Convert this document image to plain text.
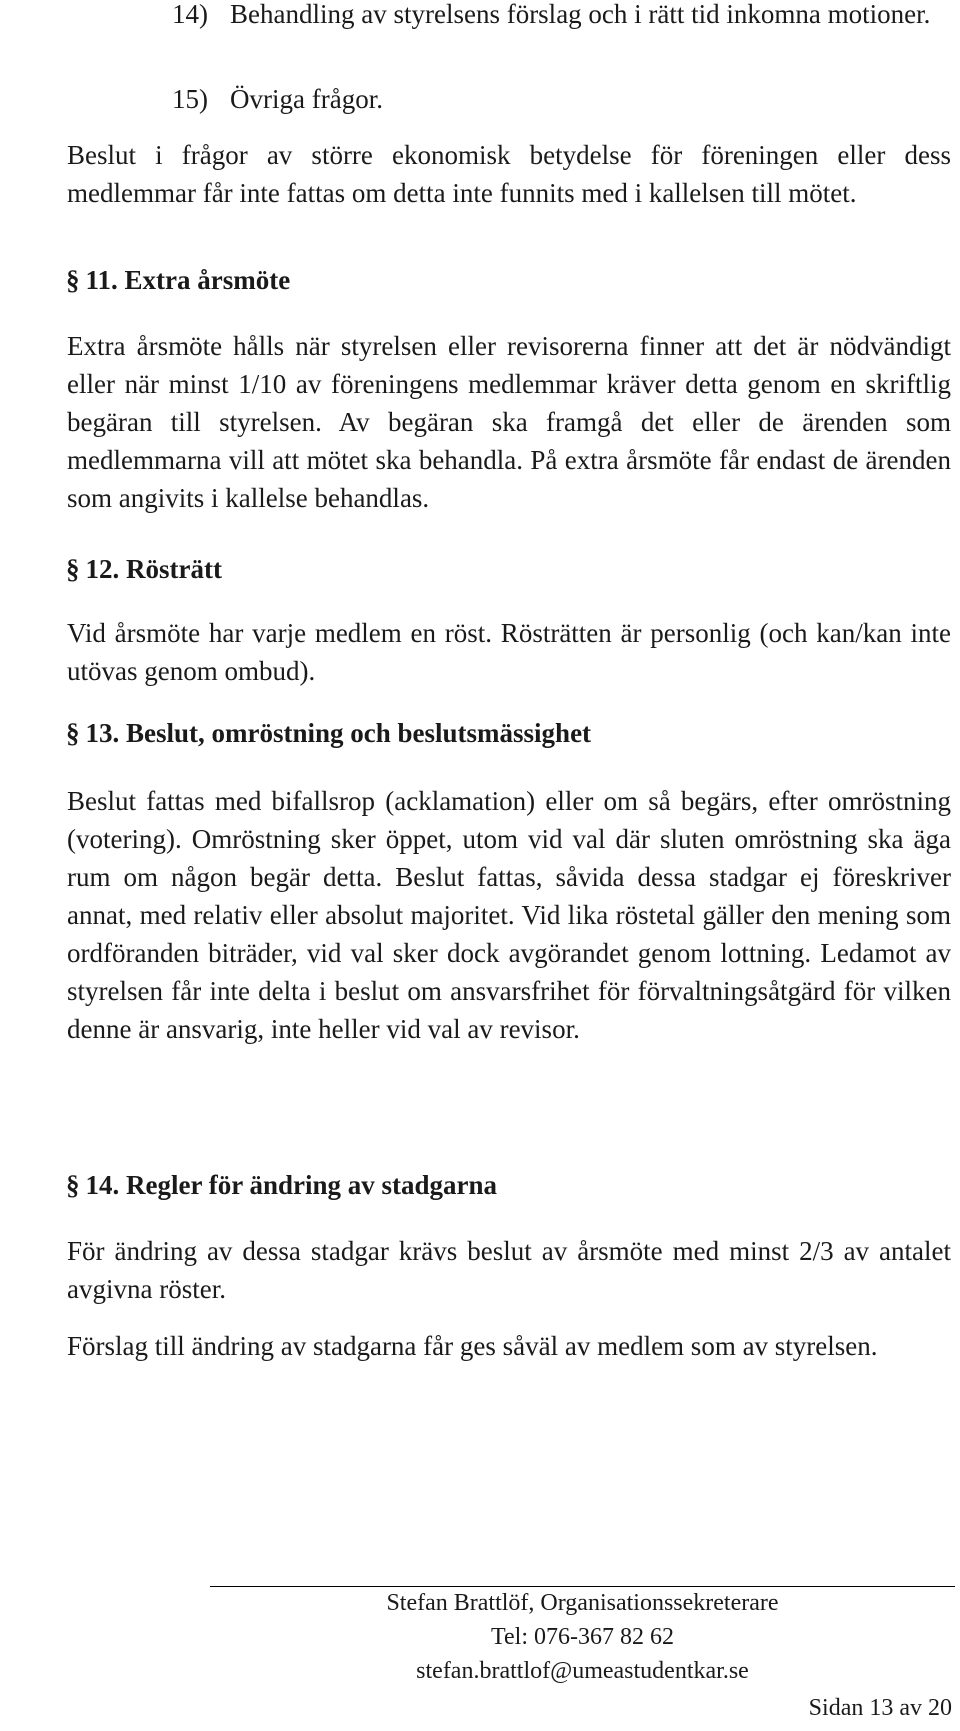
14) Behandling av styrelsens förslag och i rätt tid inkomna motioner.
15) Övriga frågor.

Beslut i frågor av större ekonomisk betydelse för föreningen eller dess medlemmar får inte fattas om detta inte funnits med i kallelsen till mötet.

§ 11. Extra årsmöte

Extra årsmöte hålls när styrelsen eller revisorerna finner att det är nödvändigt eller när minst 1/10 av föreningens medlemmar kräver detta genom en skriftlig begäran till styrelsen. Av begäran ska framgå det eller de ärenden som medlemmarna vill att mötet ska behandla. På extra årsmöte får endast de ärenden som angivits i kallelse behandlas.

§ 12. Rösträtt

Vid årsmöte har varje medlem en röst. Rösträtten är personlig (och kan/kan inte utövas genom ombud).

§ 13. Beslut, omröstning och beslutsmässighet

Beslut fattas med bifallsrop (acklamation) eller om så begärs, efter omröstning (votering). Omröstning sker öppet, utom vid val där sluten omröstning ska äga rum om någon begär detta. Beslut fattas, såvida dessa stadgar ej föreskriver annat, med relativ eller absolut majoritet. Vid lika röstetal gäller den mening som ordföranden biträder, vid val sker dock avgörandet genom lottning. Ledamot av styrelsen får inte delta i beslut om ansvarsfrihet för förvaltningsåtgärd för vilken denne är ansvarig, inte heller vid val av revisor.

§ 14. Regler för ändring av stadgarna

För ändring av dessa stadgar krävs beslut av årsmöte med minst 2/3 av antalet avgivna röster.

Förslag till ändring av stadgarna får ges såväl av medlem som av styrelsen.

Stefan Brattlöf, Organisationssekreterare
Tel: 076-367 82 62
stefan.brattlof@umeastudentkar.se
Sidan 13 av 20
